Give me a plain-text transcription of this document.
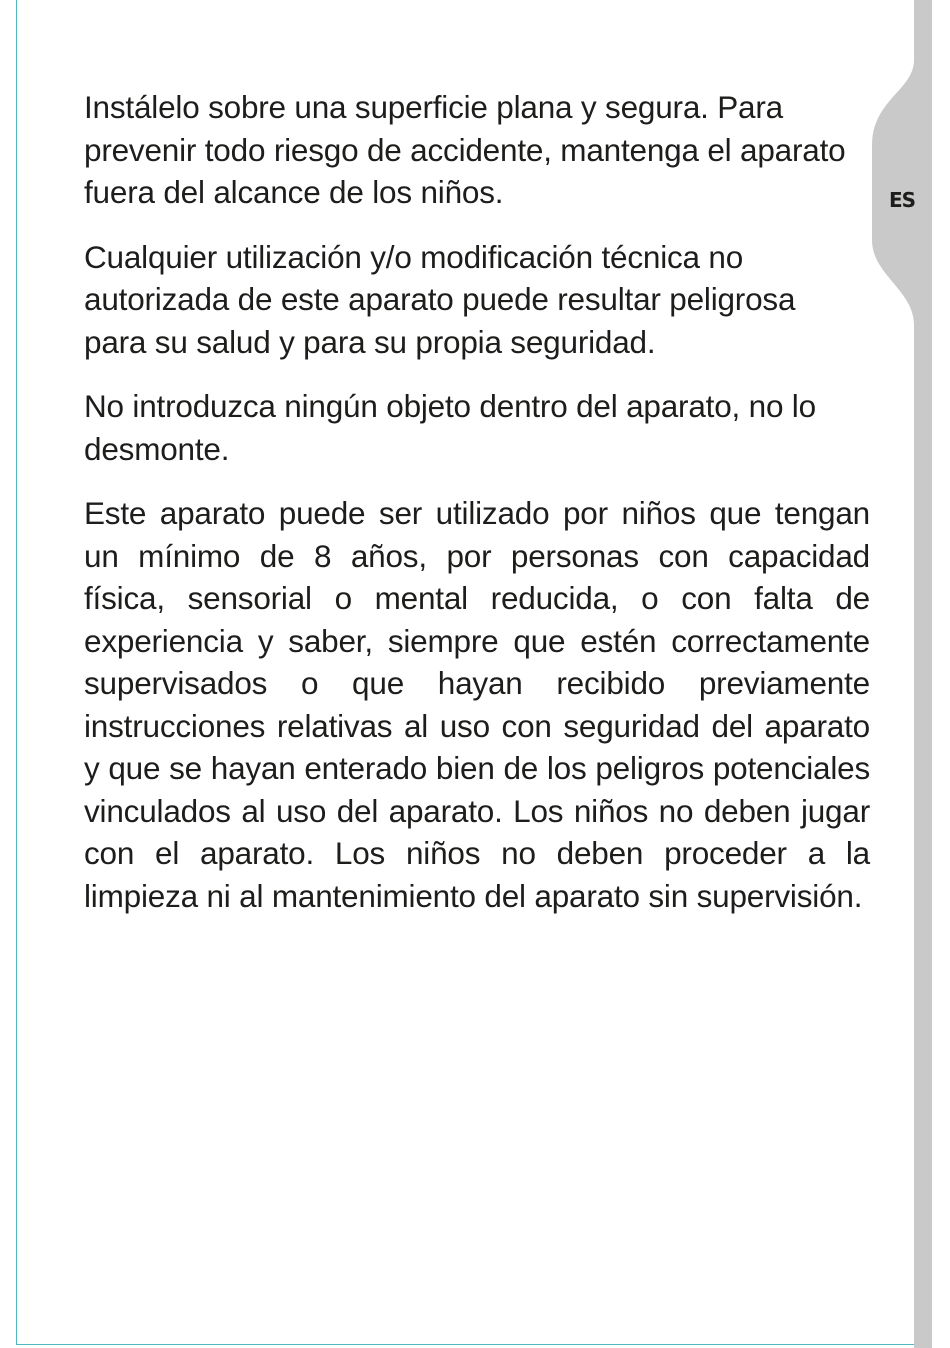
ES

Instálelo sobre una superficie plana y segura. Para prevenir todo riesgo de accidente, mantenga el aparato fuera del alcance de los niños.

Cualquier utilización y/o modificación técnica no autorizada de este aparato puede resultar peligrosa para su salud y para su propia seguridad.

No introduzca ningún objeto dentro del aparato, no lo desmonte.

Este aparato puede ser utilizado por niños que tengan un mínimo de 8 años, por personas con capacidad física, sensorial o mental reducida, o con falta de experiencia y saber, siempre que estén correctamente supervisados o que hayan recibido previamente instrucciones relativas al uso con seguridad del aparato y que se hayan enterado bien de los peligros potenciales vinculados al uso del aparato. Los niños no deben jugar con el aparato. Los niños no deben proceder a la limpieza ni al mantenimiento del aparato sin supervisión.
